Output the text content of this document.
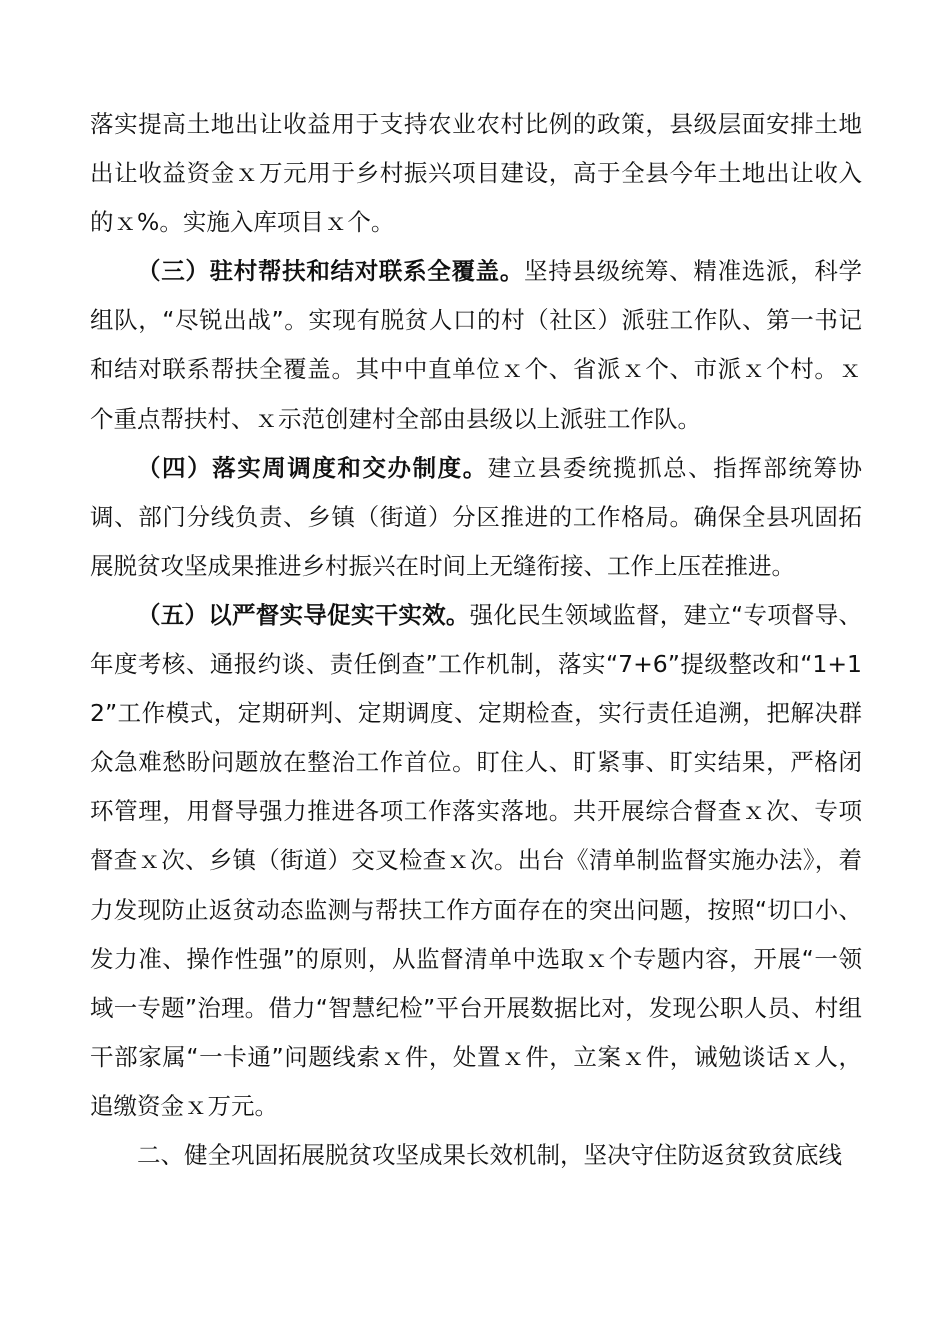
落实提高土地出让收益用于支持农业农村比例的政策，县级层面安排土地出让收益资金ｘ万元用于乡村振兴项目建设，高于全县今年土地出让收入的ｘ%。实施入库项目ｘ个。

（三）驻村帮扶和结对联系全覆盖。坚持县级统筹、精准选派，科学组队，“尽锐出战”。实现有脱贫人口的村（社区）派驻工作队、第一书记和结对联系帮扶全覆盖。其中中直单位ｘ个、省派ｘ个、市派ｘ个村。ｘ个重点帮扶村、ｘ示范创建村全部由县级以上派驻工作队。

（四）落实周调度和交办制度。建立县委统揽抓总、指挥部统筹协调、部门分线负责、乡镇（街道）分区推进的工作格局。确保全县巩固拓展脱贫攻坚成果推进乡村振兴在时间上无缝衔接、工作上压茬推进。

（五）以严督实导促实干实效。强化民生领域监督，建立“专项督导、年度考核、通报约谈、责任倒查”工作机制，落实“7+6”提级整改和“1+12”工作模式，定期研判、定期调度、定期检查，实行责任追溯，把解决群众急难愁盼问题放在整治工作首位。盯住人、盯紧事、盯实结果，严格闭环管理，用督导强力推进各项工作落实落地。共开展综合督查ｘ次、专项督查ｘ次、乡镇（街道）交叉检查ｘ次。出台《清单制监督实施办法》，着力发现防止返贫动态监测与帮扶工作方面存在的突出问题，按照“切口小、发力准、操作性强”的原则，从监督清单中选取ｘ个专题内容，开展“一领域一专题”治理。借力“智慧纪检”平台开展数据比对，发现公职人员、村组干部家属“一卡通”问题线索ｘ件，处置ｘ件，立案ｘ件，诫勉谈话ｘ人，追缴资金ｘ万元。

二、健全巩固拓展脱贫攻坚成果长效机制，坚决守住防返贫致贫底线
